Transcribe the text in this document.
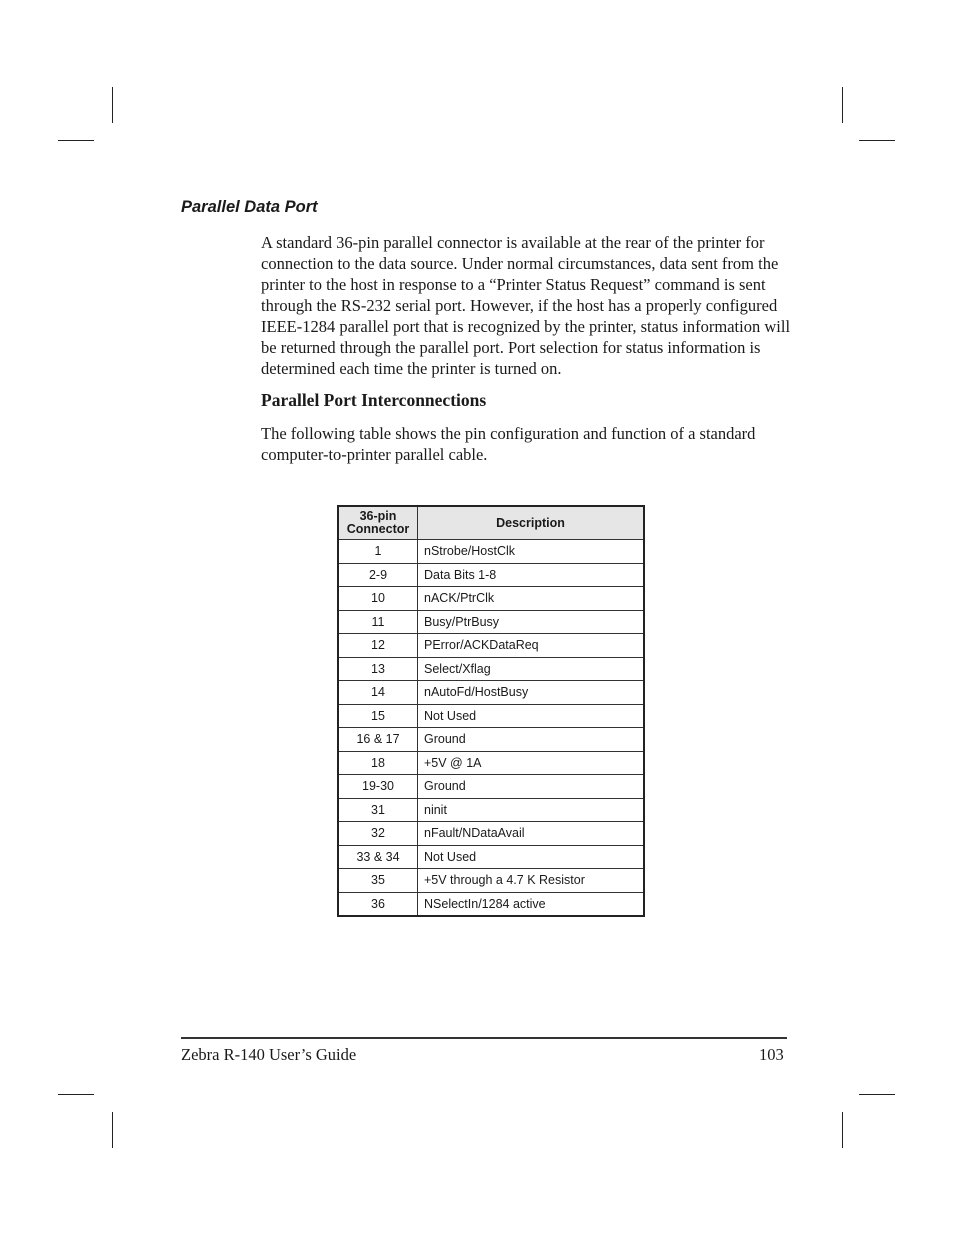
Parallel Data Port

A standard 36-pin parallel connector is available at the rear of the printer for connection to the data source. Under normal circumstances, data sent from the printer to the host in response to a “Printer Status Request” command is sent through the RS-232 serial port. However, if the host has a properly configured IEEE-1284 parallel port that is recognized by the printer, status information will be returned through the parallel port. Port selection for status information is determined each time the printer is turned on.

Parallel Port Interconnections

The following table shows the pin configuration and function of a standard computer-to-printer parallel cable.

36-pin
Connector	Description
1	nStrobe/HostClk
2-9	Data Bits 1-8
10	nACK/PtrClk
11	Busy/PtrBusy
12	PError/ACKDataReq
13	Select/Xflag
14	nAutoFd/HostBusy
15	Not Used
16 & 17	Ground
18	+5V @ 1A
19-30	Ground
31	ninit
32	nFault/NDataAvail
33 & 34	Not Used
35	+5V through a 4.7 K Resistor
36	NSelectIn/1284 active
Zebra R-140 User’s Guide	103
